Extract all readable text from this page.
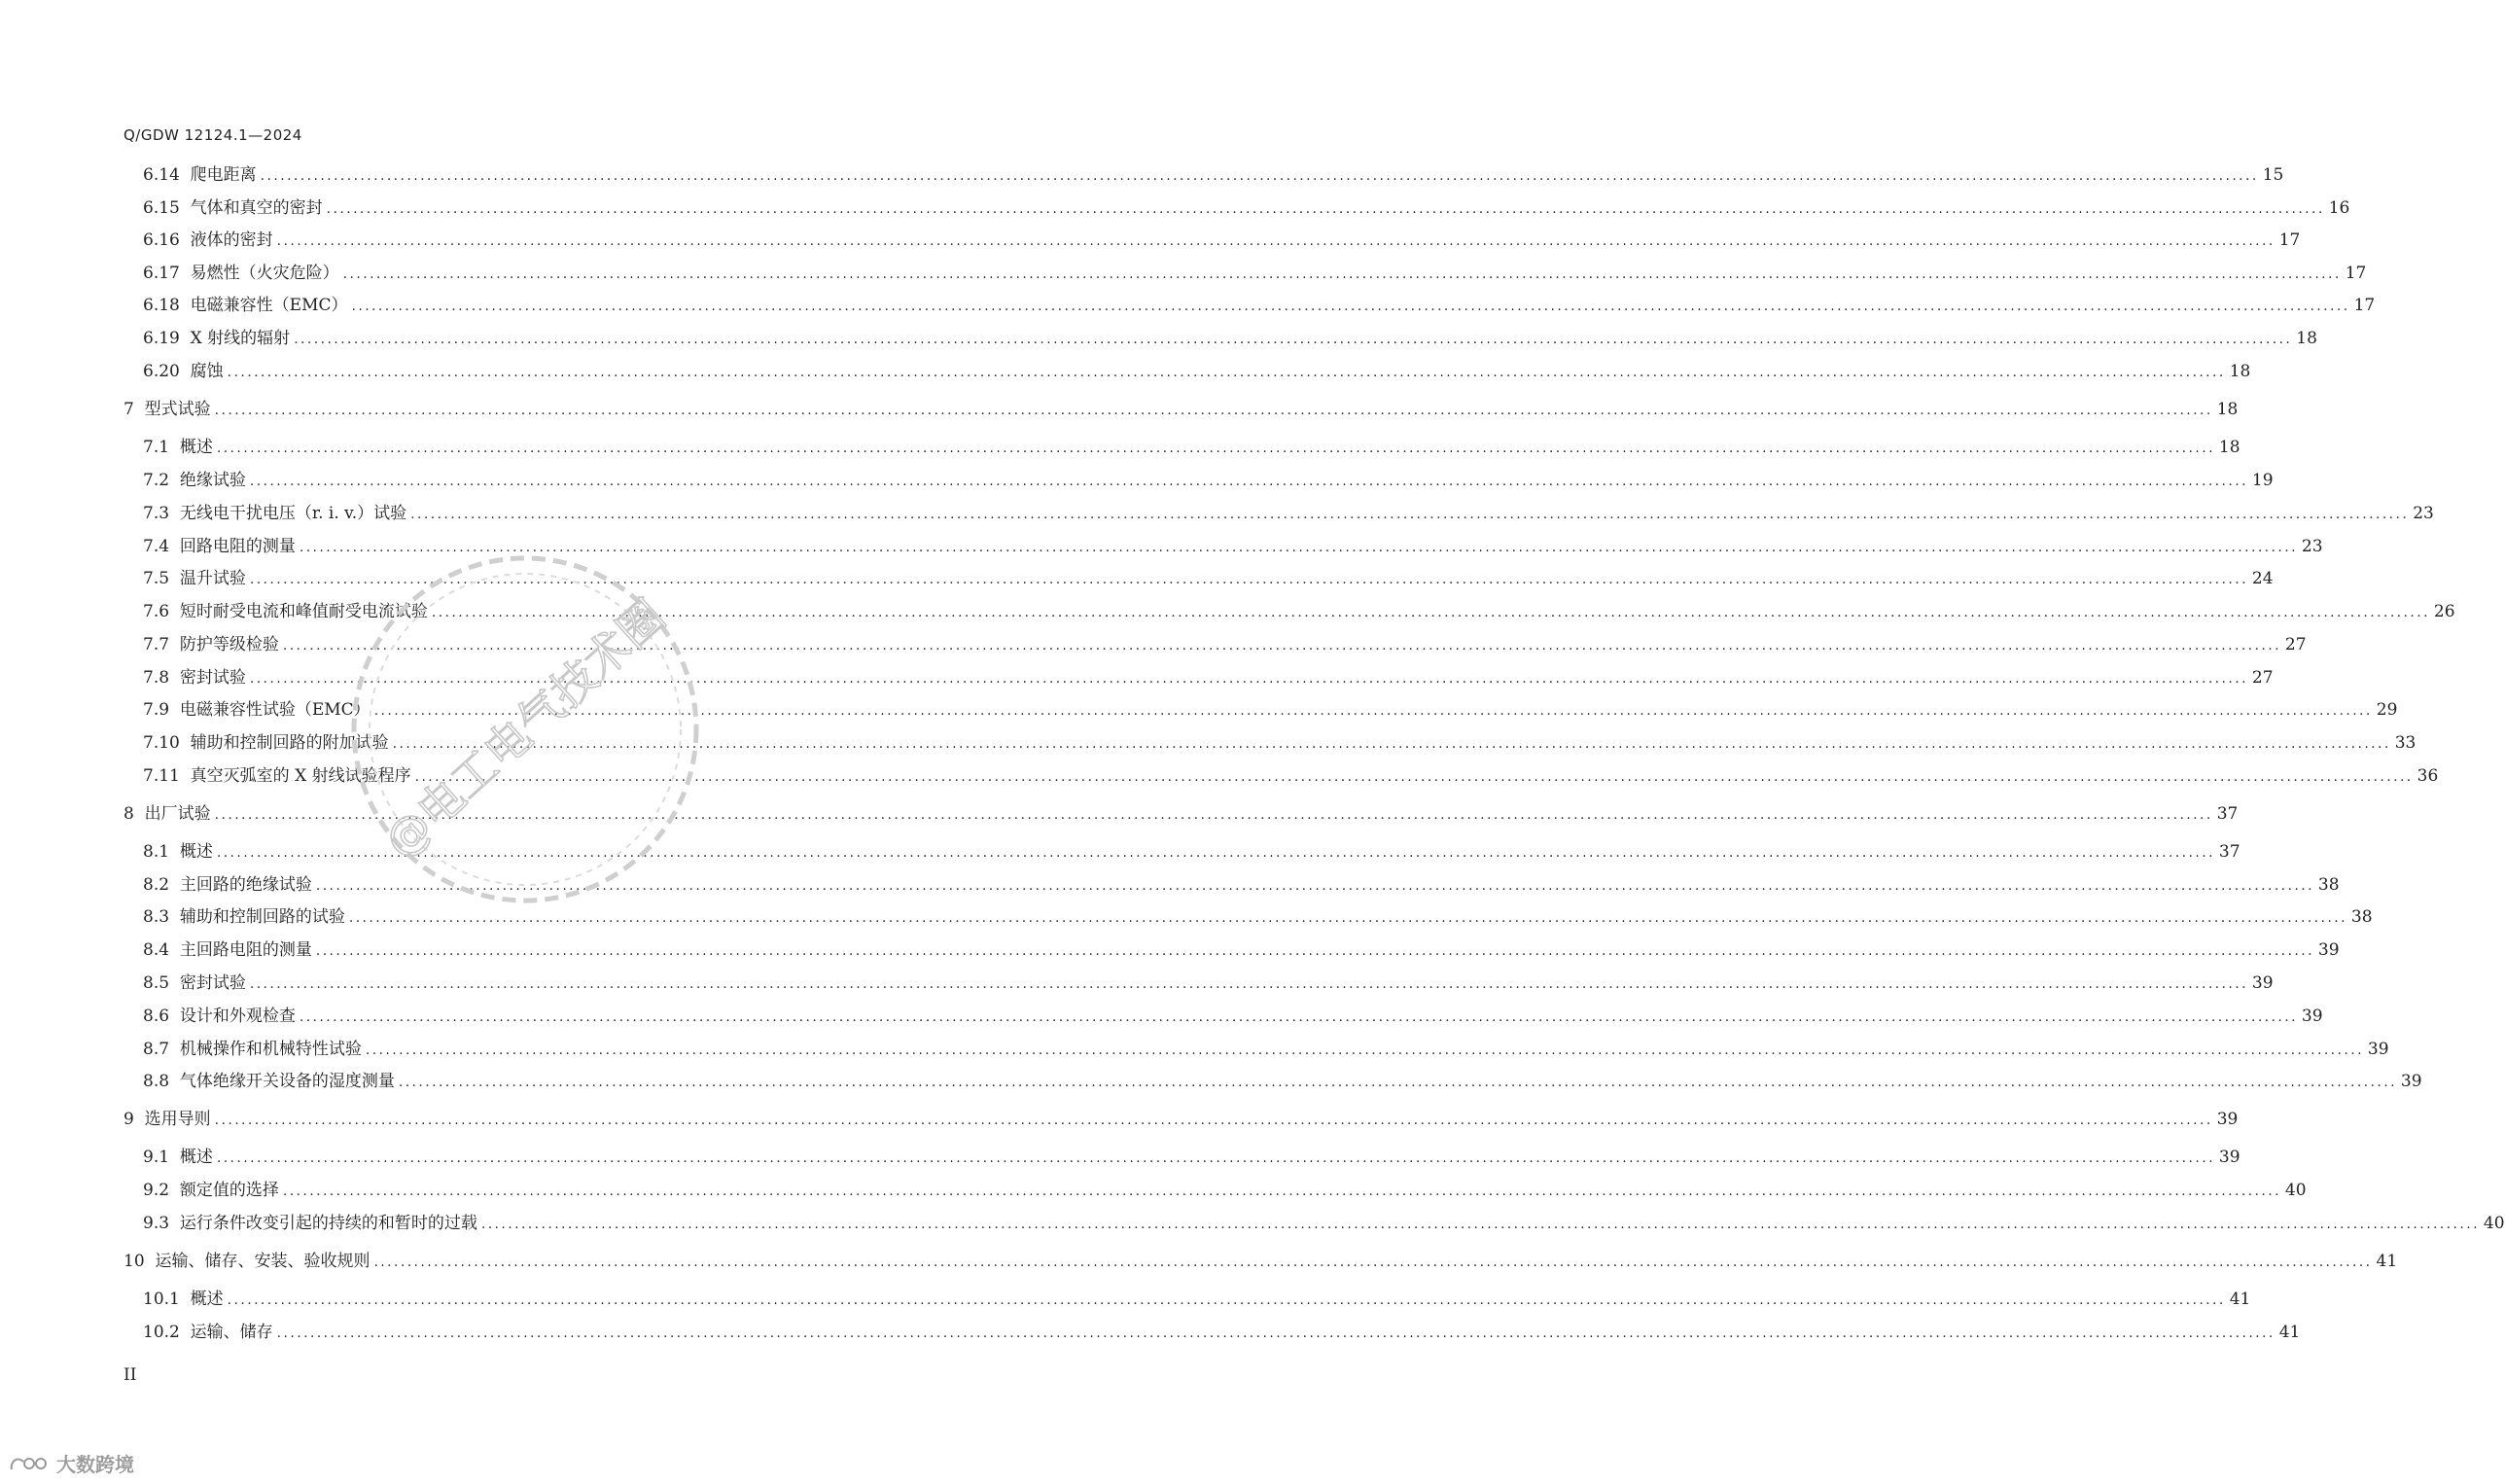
Q/GDW 12124.1—2024
6.14
爬电距离 ............................................................................................................................................................................................................................................................................................................ 15
6.15
气体和真空的密封 ............................................................................................................................................................................................................................................................................................................ 16
6.16
液体的密封 ............................................................................................................................................................................................................................................................................................................ 17
6.17
易燃性（火灾危险） ............................................................................................................................................................................................................................................................................................................ 17
6.18
电磁兼容性（EMC） ............................................................................................................................................................................................................................................................................................................ 17
6.19
X 射线的辐射 ............................................................................................................................................................................................................................................................................................................ 18
6.20
腐蚀 ............................................................................................................................................................................................................................................................................................................ 18
7
型式试验 ............................................................................................................................................................................................................................................................................................................ 18
7.1
概述 ............................................................................................................................................................................................................................................................................................................ 18
7.2
绝缘试验 ............................................................................................................................................................................................................................................................................................................ 19
7.3
无线电干扰电压（r. i. v.）试验 ............................................................................................................................................................................................................................................................................................................ 23
7.4
回路电阻的测量 ............................................................................................................................................................................................................................................................................................................ 23
7.5
温升试验 ............................................................................................................................................................................................................................................................................................................ 24
7.6
短时耐受电流和峰值耐受电流试验 ............................................................................................................................................................................................................................................................................................................ 26
7.7
防护等级检验 ............................................................................................................................................................................................................................................................................................................ 27
7.8
密封试验 ............................................................................................................................................................................................................................................................................................................ 27
7.9
电磁兼容性试验（EMC） ............................................................................................................................................................................................................................................................................................................ 29
7.10
辅助和控制回路的附加试验 ............................................................................................................................................................................................................................................................................................................ 33
7.11
真空灭弧室的 X 射线试验程序 ............................................................................................................................................................................................................................................................................................................ 36
8
出厂试验 ............................................................................................................................................................................................................................................................................................................ 37
8.1
概述 ............................................................................................................................................................................................................................................................................................................ 37
8.2
主回路的绝缘试验 ............................................................................................................................................................................................................................................................................................................ 38
8.3
辅助和控制回路的试验 ............................................................................................................................................................................................................................................................................................................ 38
8.4
主回路电阻的测量 ............................................................................................................................................................................................................................................................................................................ 39
8.5
密封试验 ............................................................................................................................................................................................................................................................................................................ 39
8.6
设计和外观检查 ............................................................................................................................................................................................................................................................................................................ 39
8.7
机械操作和机械特性试验 ............................................................................................................................................................................................................................................................................................................ 39
8.8
气体绝缘开关设备的湿度测量 ............................................................................................................................................................................................................................................................................................................ 39
9
选用导则 ............................................................................................................................................................................................................................................................................................................ 39
9.1
概述 ............................................................................................................................................................................................................................................................................................................ 39
9.2
额定值的选择 ............................................................................................................................................................................................................................................................................................................ 40
9.3
运行条件改变引起的持续的和暂时的过载 ............................................................................................................................................................................................................................................................................................................ 40
10
运输、储存、安装、验收规则 ............................................................................................................................................................................................................................................................................................................ 41
10.1
概述 ............................................................................................................................................................................................................................................................................................................ 41
10.2
运输、储存 ............................................................................................................................................................................................................................................................................................................ 41
II
@电工电气技术圈
大数跨境
